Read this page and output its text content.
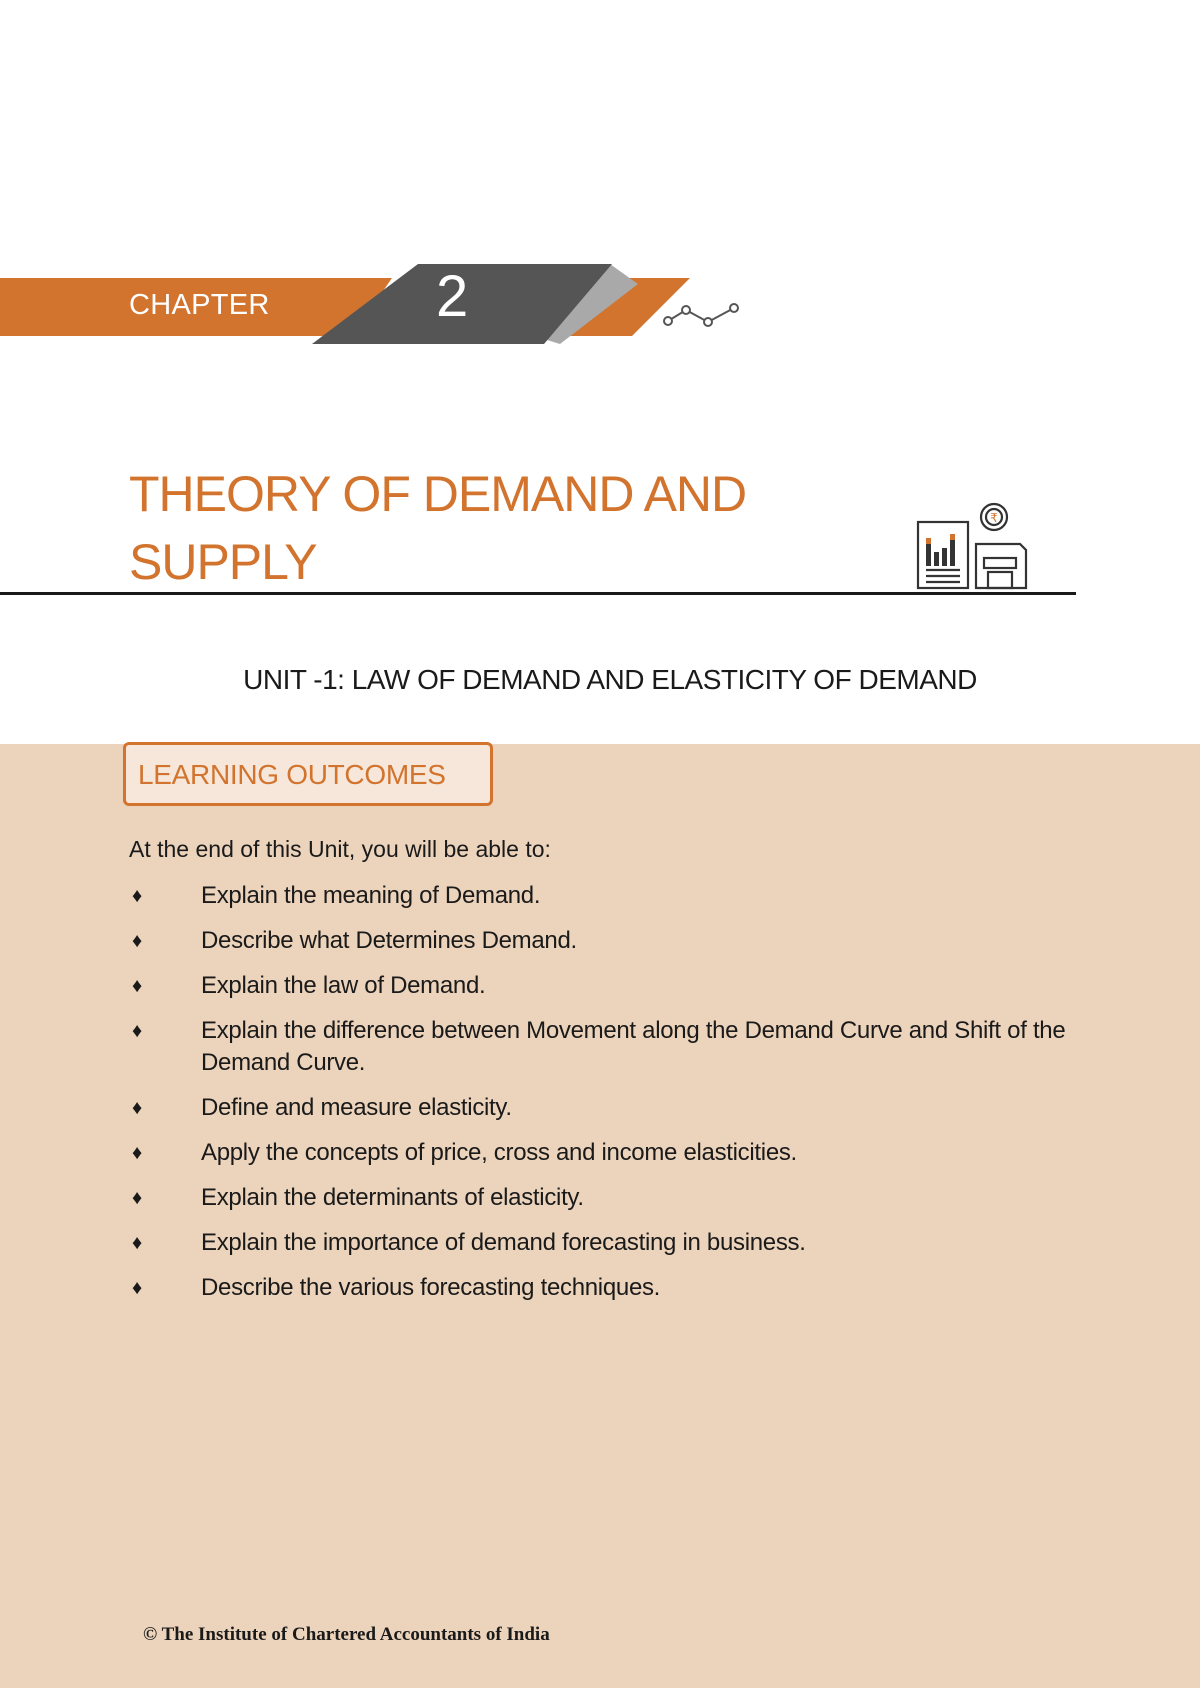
CHAPTER	2
THEORY OF DEMAND AND
SUPPLY
₹
UNIT -1: LAW OF DEMAND AND ELASTICITY OF DEMAND
LEARNING OUTCOMES
At the end of this Unit, you will be able to:
♦ Explain the meaning of Demand.
♦ Describe what Determines Demand.
♦ Explain the law of Demand.
♦ Explain the difference between Movement along the Demand Curve and Shift of the Demand Curve.
♦ Define and measure elasticity.
♦ Apply the concepts of price, cross and income elasticities.
♦ Explain the determinants of elasticity.
♦ Explain the importance of demand forecasting in business.
♦ Describe the various forecasting techniques.
© The Institute of Chartered Accountants of India
